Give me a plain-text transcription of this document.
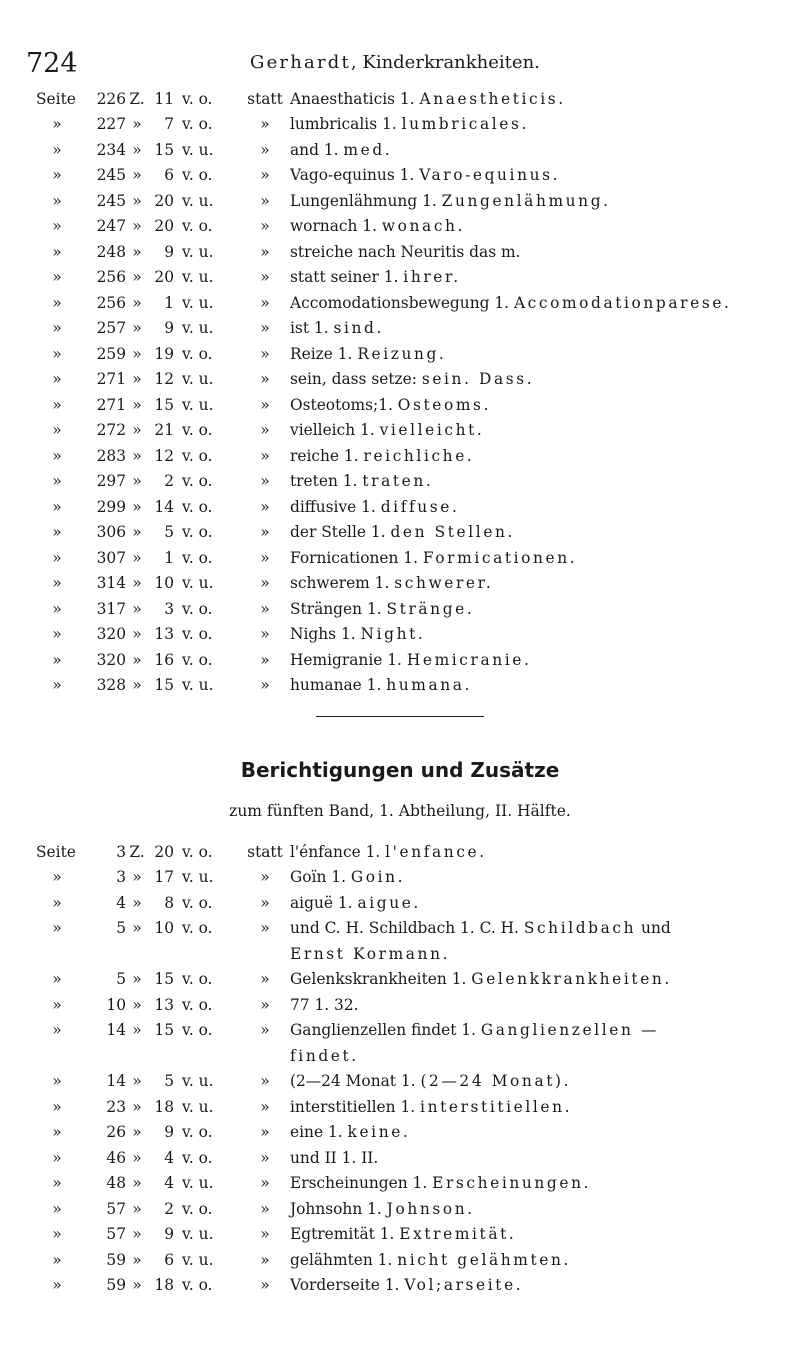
724	Gerhardt, Kinderkrankheiten.
Seite	226 Z. 11 v. o.	statt Anaesthaticis 1. Anaestheticis.
»	227 »	7 v. o.	»	lumbricalis 1. lumbricales.
»	234 » 15 v. u.	»	and 1. med.
»	245 »	6 v. o.	»	Vago-equinus 1. Varo-equinus.
»	245 » 20 v. u.	»	Lungenlähmung 1. Zungenlähmung.
»	247 » 20 v. o.	»	wornach 1. wonach.
»	248 »	9 v. u.	»	streiche nach Neuritis das m.
»	256 » 20 v. u.	»	statt seiner 1. ihrer.
»	256 »	1 v. u.	»	Accomodationsbewegung 1. Accomodationparese.
»	257 »	9 v. u.	»	ist 1. sind.
»	259 » 19 v. o.	»	Reize 1. Reizung.
»	271 » 12 v. u.	»	sein, dass setze: sein. Dass.
»	271 » 15 v. u.	»	Osteotoms;1. Osteoms.
»	272 » 21 v. o.	»	vielleich 1. vielleicht.
»	283 » 12 v. o.	»	reiche 1. reichliche.
»	297 »	2 v. o.	»	treten 1. traten.
»	299 » 14 v. o.	»	diffusive 1. diffuse.
»	306 »	5 v. o.	»	der Stelle 1. den Stellen.
»	307 »	1 v. o.	»	Fornicationen 1. Formicationen.
»	314 » 10 v. u.	»	schwerem 1. schwerer.
»	317 »	3 v. o.	»	Strängen 1. Stränge.
»	320 » 13 v. o.	»	Nighs 1. Night.
»	320 » 16 v. o.	»	Hemigranie 1. Hemicranie.
»	328 » 15 v. u.	»	humanae 1. humana.
Berichtigungen und Zusätze
zum fünften Band, 1. Abtheilung, II. Hälfte.
Seite	3 Z. 20 v. o.	statt l'énfance 1. l'enfance.
»	3 » 17 v. u.	»	Goïn 1. Goin.
»	4 »	8 v. o.	»	aiguë 1. aigue.
»	5 » 10 v. o.	»	und C. H. Schildbach 1. C. H. Schildbach und
Ernst Kormann.
»	5 » 15 v. o.	»	Gelenkskrankheiten 1. Gelenkkrankheiten.
»	10 » 13 v. o.	»	77 1. 32.
»	14 » 15 v. o.	»	Ganglienzellen findet 1. Ganglienzellen —
findet.
»	14 »	5 v. u.	»	(2—24 Monat 1. (2—24 Monat).
»	23 » 18 v. u.	»	interstitiellen 1. interstitiellen.
»	26 »	9 v. o.	»	eine 1. keine.
»	46 »	4 v. o.	»	und II 1. II.
»	48 »	4 v. u.	»	Erscheinungen 1. Erscheinungen.
»	57 »	2 v. o.	»	Johnsohn 1. Johnson.
»	57 »	9 v. u.	»	Egtremität 1. Extremität.
»	59 »	6 v. u.	»	gelähmten 1. nicht gelähmten.
»	59 » 18 v. o.	»	Vorderseite 1. Vol;arseite.
